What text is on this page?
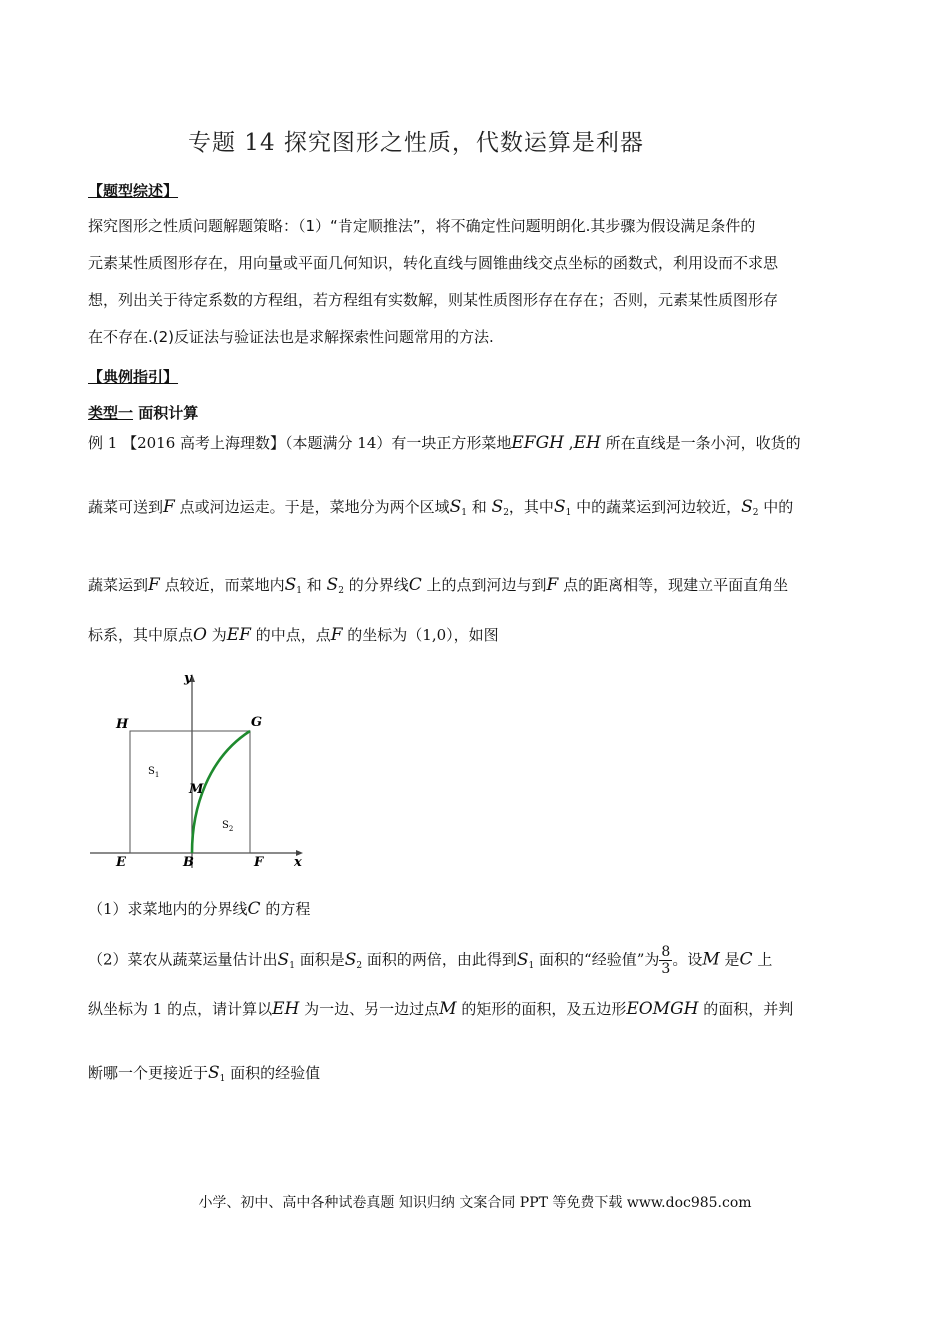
专题 14 探究图形之性质，代数运算是利器
【题型综述】
探究图形之性质问题解题策略：（1）“肯定顺推法”，将不确定性问题明朗化.其步骤为假设满足条件的
元素某性质图形存在，用向量或平面几何知识，转化直线与圆锥曲线交点坐标的函数式，利用设而不求思
想，列出关于待定系数的方程组，若方程组有实数解，则某性质图形存在存在；否则，元素某性质图形存
在不存在.(2)反证法与验证法也是求解探索性问题常用的方法.
【典例指引】
类型一 面积计算
例 1 【2016 高考上海理数】（本题满分 14）有一块正方形菜地EFGH ,EH 所在直线是一条小河，收货的
蔬菜可送到F 点或河边运走。于是，菜地分为两个区域$S_1$ 和 $S_2$，其中$S_1$ 中的蔬菜运到河边较近，$S_2$ 中的
蔬菜运到F 点较近，而菜地内$S_1$ 和 $S_2$ 的分界线C 上的点到河边与到F 点的距离相等，现建立平面直角坐
标系，其中原点O 为EF 的中点，点F 的坐标为（1,0），如图
y
x
H	G
E	B	F
M
$S_1$
$S_2$
（1）求菜地内的分界线C 的方程
（2）菜农从蔬菜运量估计出$S_1$ 面积是$S_2$ 面积的两倍，由此得到$S_1$ 面积的“经验值”为 $\frac{8}{3}$ 。设M 是C 上
纵坐标为 1 的点，请计算以EH 为一边、另一边过点M 的矩形的面积，及五边形EOMGH 的面积，并判
断哪一个更接近于$S_1$ 面积的经验值
小学、初中、高中各种试卷真题 知识归纳 文案合同 PPT 等免费下载 www.doc985.com
